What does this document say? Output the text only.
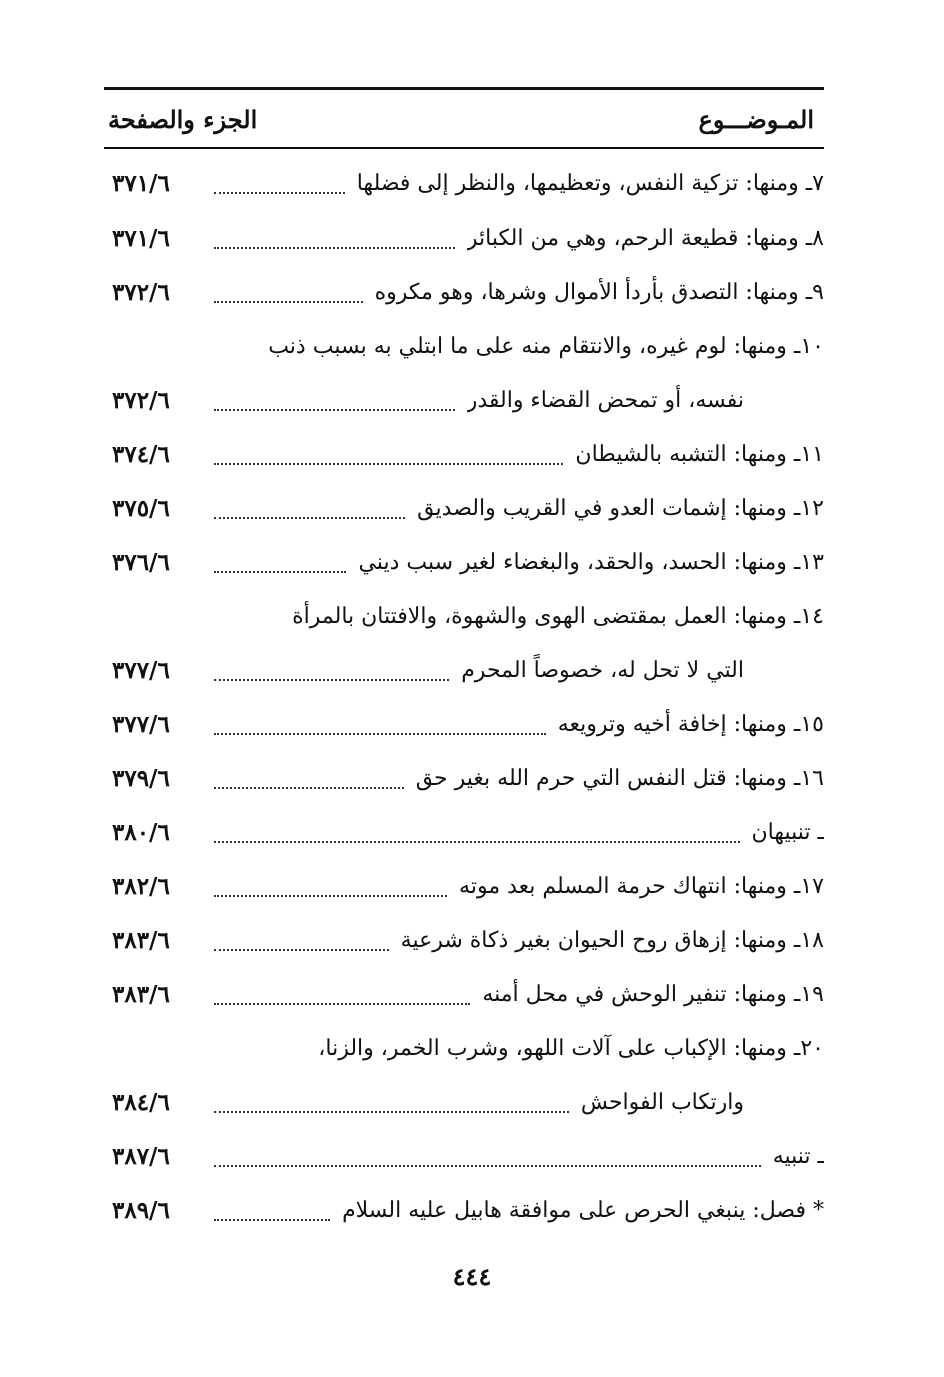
المـوضـــوع
الجزء والصفحة
٧ـ ومنها: تزكية النفس، وتعظيمها، والنظر إلى فضلها
٣٧١/٦
٨ـ ومنها: قطيعة الرحم، وهي من الكبائر
٣٧١/٦
٩ـ ومنها: التصدق بأردأ الأموال وشرها، وهو مكروه
٣٧٢/٦
١٠ـ ومنها: لوم غيره، والانتقام منه على ما ابتلي به بسبب ذنب
نفسه، أو تمحض القضاء والقدر
٣٧٢/٦
١١ـ ومنها: التشبه بالشيطان
٣٧٤/٦
١٢ـ ومنها: إشمات العدو في القريب والصديق
٣٧٥/٦
١٣ـ ومنها: الحسد، والحقد، والبغضاء لغير سبب ديني
٣٧٦/٦
١٤ـ ومنها: العمل بمقتضى الهوى والشهوة، والافتتان بالمرأة
التي لا تحل له، خصوصاً المحرم
٣٧٧/٦
١٥ـ ومنها: إخافة أخيه وترويعه
٣٧٧/٦
١٦ـ ومنها: قتل النفس التي حرم الله بغير حق
٣٧٩/٦
ـ تنبيهان
٣٨٠/٦
١٧ـ ومنها: انتهاك حرمة المسلم بعد موته
٣٨٢/٦
١٨ـ ومنها: إزهاق روح الحيوان بغير ذكاة شرعية
٣٨٣/٦
١٩ـ ومنها: تنفير الوحش في محل أمنه
٣٨٣/٦
٢٠ـ ومنها: الإكباب على آلات اللهو، وشرب الخمر، والزنا،
وارتكاب الفواحش
٣٨٤/٦
ـ تنبيه
٣٨٧/٦
* فصل: ينبغي الحرص على موافقة هابيل عليه السلام
٣٨٩/٦
٤٤٤
